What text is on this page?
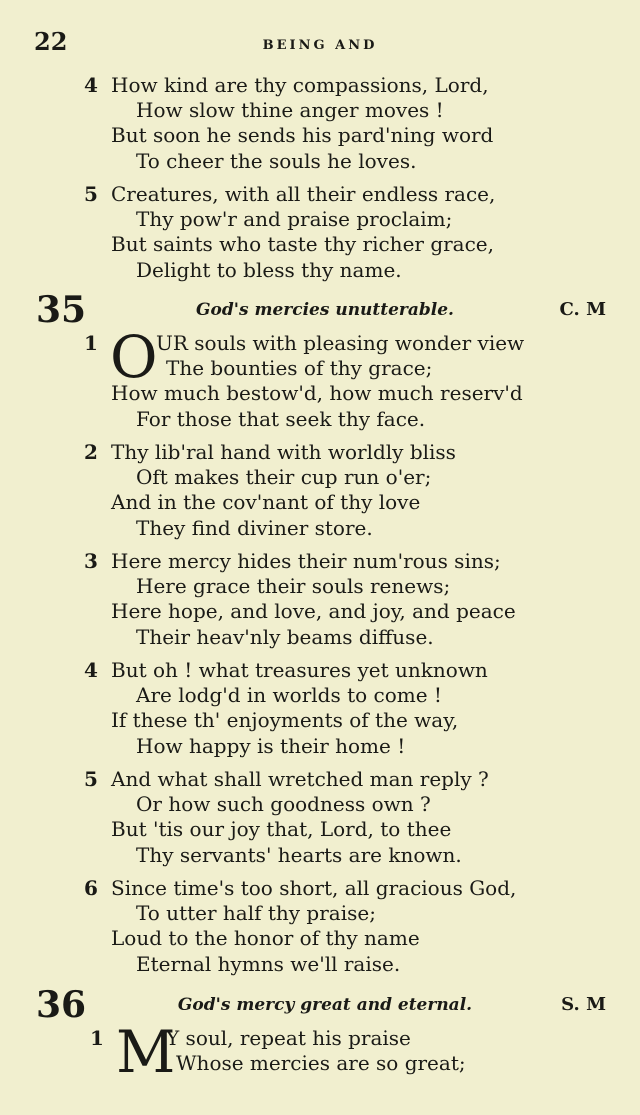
22	BEING AND
4 How kind are thy compassions, Lord,
How slow thine anger moves !
But soon he sends his pard'ning word
To cheer the souls he loves.
5 Creatures, with all their endless race,
Thy pow'r and praise proclaim;
But saints who taste thy richer grace,
Delight to bless thy name.
35	God's mercies unutterable.	C. M
1 O
UR souls with pleasing wonder view
The bounties of thy grace;
How much bestow'd, how much reserv'd
For those that seek thy face.
2 Thy lib'ral hand with worldly bliss
Oft makes their cup run o'er;
And in the cov'nant of thy love
They find diviner store.
3 Here mercy hides their num'rous sins;
Here grace their souls renews;
Here hope, and love, and joy, and peace
Their heav'nly beams diffuse.
4 But oh ! what treasures yet unknown
Are lodg'd in worlds to come !
If these th' enjoyments of the way,
How happy is their home !
5 And what shall wretched man reply ?
Or how such goodness own ?
But 'tis our joy that, Lord, to thee
Thy servants' hearts are known.
6 Since time's too short, all gracious God,
To utter half thy praise;
Loud to the honor of thy name
Eternal hymns we'll raise.
36	God's mercy great and eternal.	S. M
1 M
Y soul, repeat his praise
Whose mercies are so great;
